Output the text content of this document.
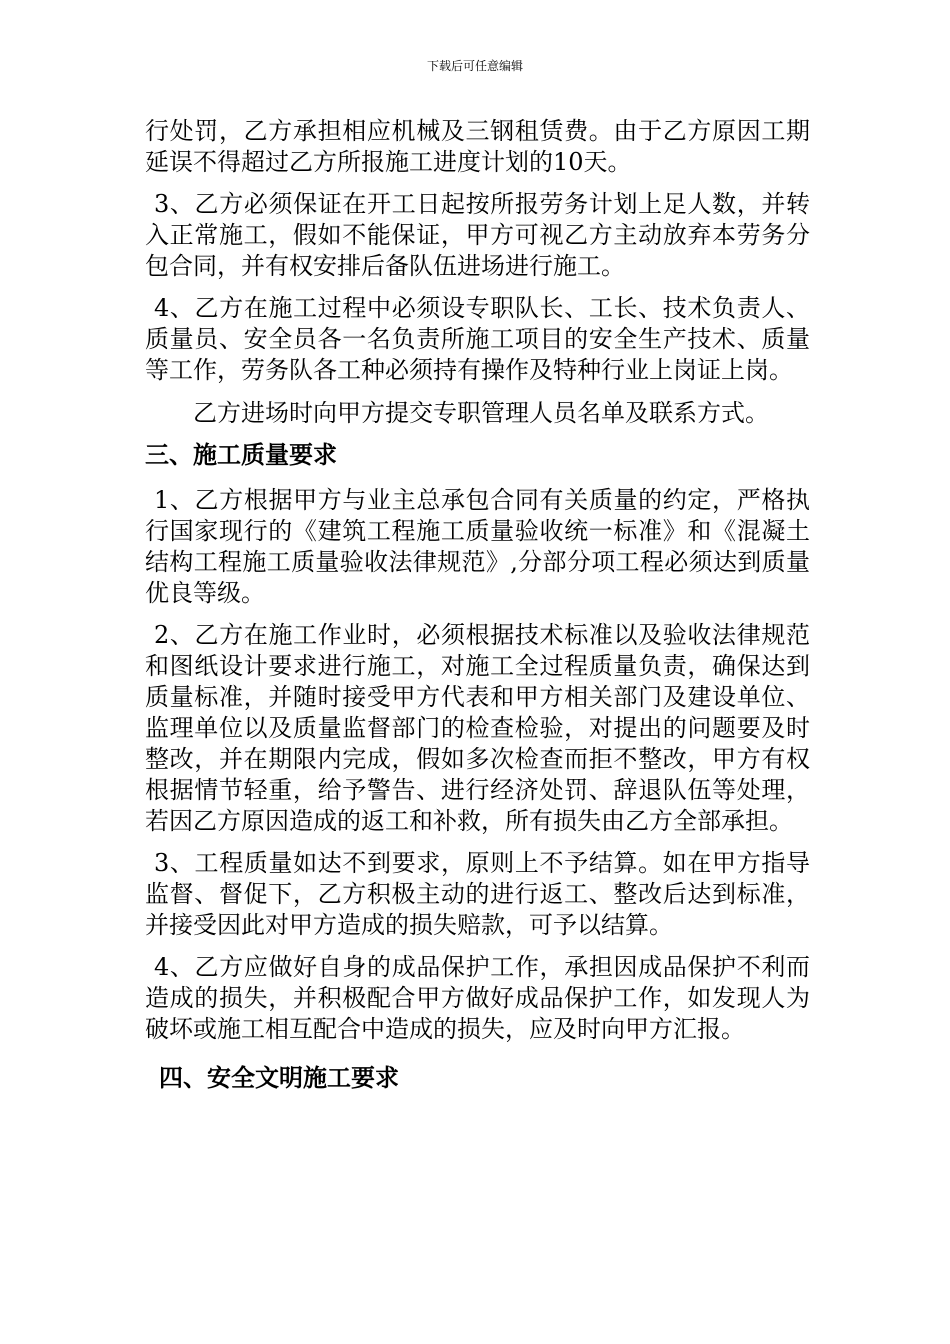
下载后可任意编辑

行处罚，乙方承担相应机械及三钢租赁费。由于乙方原因工期延误不得超过乙方所报施工进度计划的10天。

3、乙方必须保证在开工日起按所报劳务计划上足人数，并转入正常施工，假如不能保证，甲方可视乙方主动放弃本劳务分包合同，并有权安排后备队伍进场进行施工。

4、乙方在施工过程中必须设专职队长、工长、技术负责人、质量员、安全员各一名负责所施工项目的安全生产技术、质量等工作，劳务队各工种必须持有操作及特种行业上岗证上岗。

乙方进场时向甲方提交专职管理人员名单及联系方式。

三、施工质量要求

1、乙方根据甲方与业主总承包合同有关质量的约定，严格执行国家现行的《建筑工程施工质量验收统一标准》和《混凝土结构工程施工质量验收法律规范》,分部分项工程必须达到质量优良等级。

2、乙方在施工作业时，必须根据技术标准以及验收法律规范和图纸设计要求进行施工，对施工全过程质量负责，确保达到质量标准，并随时接受甲方代表和甲方相关部门及建设单位、监理单位以及质量监督部门的检查检验，对提出的问题要及时整改，并在期限内完成，假如多次检查而拒不整改，甲方有权根据情节轻重，给予警告、进行经济处罚、辞退队伍等处理，若因乙方原因造成的返工和补救，所有损失由乙方全部承担。

3、工程质量如达不到要求，原则上不予结算。如在甲方指导监督、督促下，乙方积极主动的进行返工、整改后达到标准，并接受因此对甲方造成的损失赔款，可予以结算。

4、乙方应做好自身的成品保护工作，承担因成品保护不利而造成的损失，并积极配合甲方做好成品保护工作，如发现人为破坏或施工相互配合中造成的损失，应及时向甲方汇报。

四、安全文明施工要求
